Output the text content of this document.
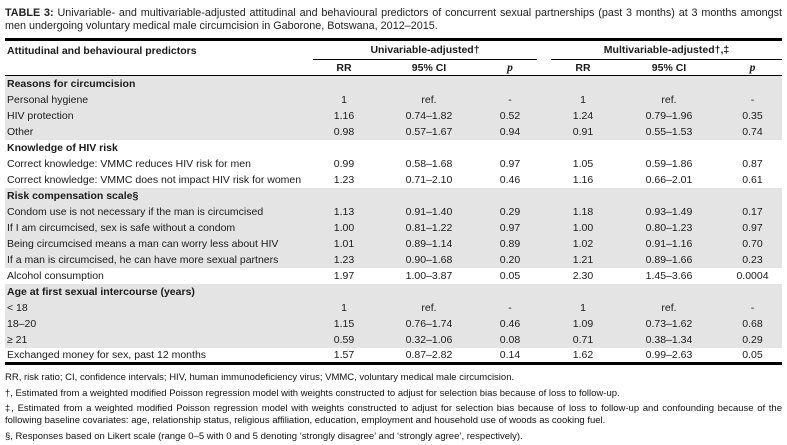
TABLE 3: Univariable- and multivariable-adjusted attitudinal and behavioural predictors of concurrent sexual partnerships (past 3 months) at 3 months amongst men undergoing voluntary medical male circumcision in Gaborone, Botswana, 2012–2015.

Attitudinal and behavioural predictors	Univariable-adjusted†				Multivariable-adjusted†,‡		
	RR	95% CI	p		RR	95% CI	p
Reasons for circumcision							
Personal hygiene	1	ref.	-		1	ref.	-
HIV protection	1.16	0.74–1.82	0.52		1.24	0.79–1.96	0.35
Other	0.98	0.57–1.67	0.94		0.91	0.55–1.53	0.74
Knowledge of HIV risk							
Correct knowledge: VMMC reduces HIV risk for men	0.99	0.58–1.68	0.97		1.05	0.59–1.86	0.87
Correct knowledge: VMMC does not impact HIV risk for women	1.23	0.71–2.10	0.46		1.16	0.66–2.01	0.61
Risk compensation scale§							
Condom use is not necessary if the man is circumcised	1.13	0.91–1.40	0.29		1.18	0.93–1.49	0.17
If I am circumcised, sex is safe without a condom	1.00	0.81–1.22	0.97		1.00	0.80–1.23	0.97
Being circumcised means a man can worry less about HIV	1.01	0.89–1.14	0.89		1.02	0.91–1.16	0.70
If a man is circumcised, he can have more sexual partners	1.23	0.90–1.68	0.20		1.21	0.89–1.66	0.23
Alcohol consumption	1.97	1.00–3.87	0.05		2.30	1.45–3.66	0.0004
Age at first sexual intercourse (years)							
< 18	1	ref.	-		1	ref.	-
18–20	1.15	0.76–1.74	0.46		1.09	0.73–1.62	0.68
≥ 21	0.59	0.32–1.06	0.08		0.71	0.38–1.34	0.29
Exchanged money for sex, past 12 months	1.57	0.87–2.82	0.14		1.62	0.99–2.63	0.05

RR, risk ratio; CI, confidence intervals; HIV, human immunodeficiency virus; VMMC, voluntary medical male circumcision.

†, Estimated from a weighted modified Poisson regression model with weights constructed to adjust for selection bias because of loss to follow-up.

‡, Estimated from a weighted modified Poisson regression model with weights constructed to adjust for selection bias because of loss to follow-up and confounding because of the following baseline covariates: age, relationship status, religious affiliation, education, employment and household use of woods as cooking fuel.

§, Responses based on Likert scale (range 0–5 with 0 and 5 denoting ‘strongly disagree’ and ‘strongly agree’, respectively).
